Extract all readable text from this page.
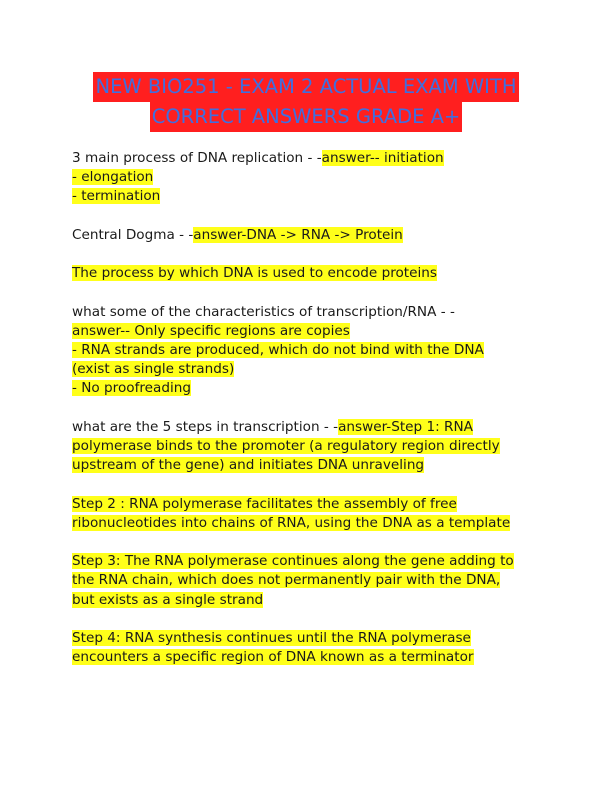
NEW BIO251 - EXAM 2 ACTUAL EXAM WITH
CORRECT ANSWERS GRADE A+
3 main process of DNA replication - -answer-- initiation
- elongation
- termination
Central Dogma - -answer-DNA -> RNA -> Protein
The process by which DNA is used to encode proteins
what some of the characteristics of transcription/RNA - -
answer-- Only specific regions are copies
- RNA strands are produced, which do not bind with the DNA
(exist as single strands)
- No proofreading
what are the 5 steps in transcription - -answer-Step 1: RNA
polymerase binds to the promoter (a regulatory region directly
upstream of the gene) and initiates DNA unraveling
Step 2 : RNA polymerase facilitates the assembly of free
ribonucleotides into chains of RNA, using the DNA as a template
Step 3: The RNA polymerase continues along the gene adding to
the RNA chain, which does not permanently pair with the DNA,
but exists as a single strand
Step 4: RNA synthesis continues until the RNA polymerase
encounters a specific region of DNA known as a terminator
